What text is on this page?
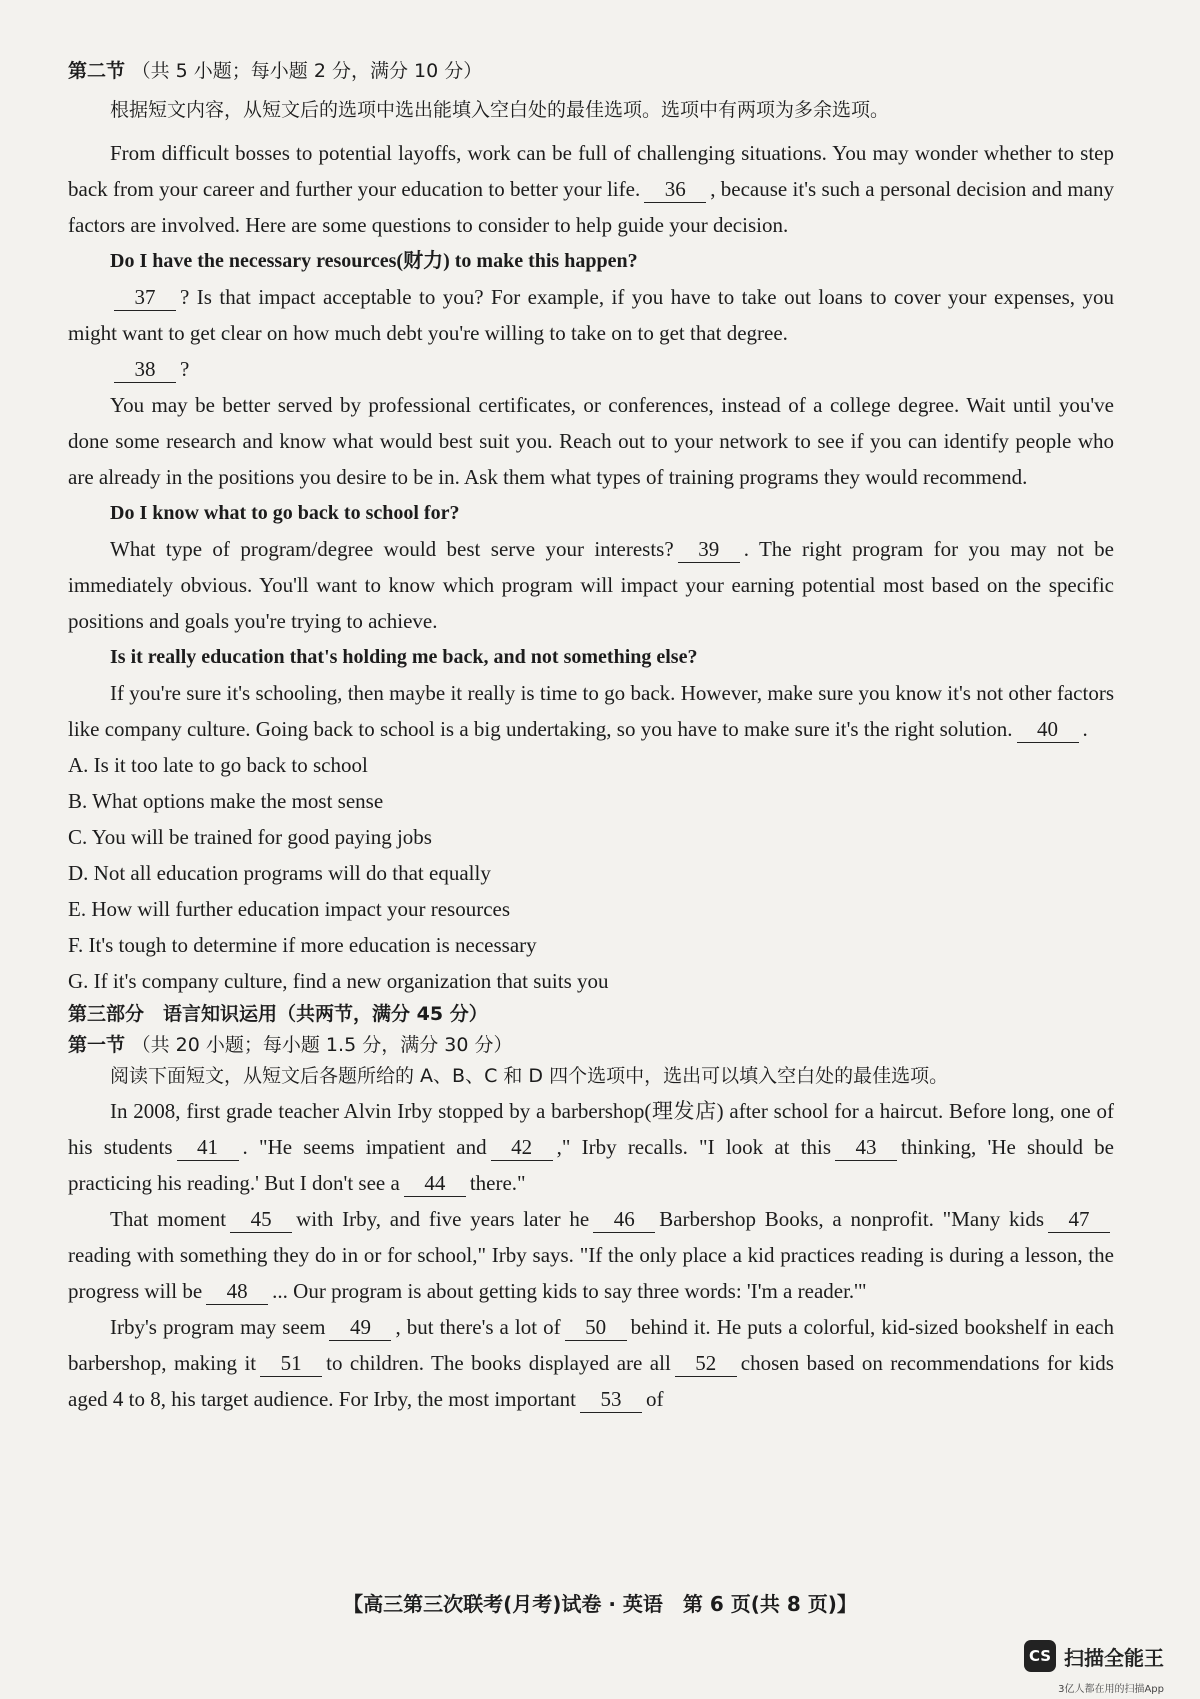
第二节 （共 5 小题；每小题 2 分，满分 10 分）
根据短文内容，从短文后的选项中选出能填入空白处的最佳选项。选项中有两项为多余选项。

From difficult bosses to potential layoffs, work can be full of challenging situations. You may wonder whether to step back from your career and further your education to better your life. 36 , because it's such a personal decision and many factors are involved. Here are some questions to consider to help guide your decision.

Do I have the necessary resources(财力) to make this happen?

37 ? Is that impact acceptable to you? For example, if you have to take out loans to cover your expenses, you might want to get clear on how much debt you're willing to take on to get that degree.

38 ?

You may be better served by professional certificates, or conferences, instead of a college degree. Wait until you've done some research and know what would best suit you. Reach out to your network to see if you can identify people who are already in the positions you desire to be in. Ask them what types of training programs they would recommend.

Do I know what to go back to school for?

What type of program/degree would best serve your interests? 39 . The right program for you may not be immediately obvious. You'll want to know which program will impact your earning potential most based on the specific positions and goals you're trying to achieve.

Is it really education that's holding me back, and not something else?

If you're sure it's schooling, then maybe it really is time to go back. However, make sure you know it's not other factors like company culture. Going back to school is a big undertaking, so you have to make sure it's the right solution. 40 .

A. Is it too late to go back to school
B. What options make the most sense
C. You will be trained for good paying jobs
D. Not all education programs will do that equally
E. How will further education impact your resources
F. It's tough to determine if more education is necessary
G. If it's company culture, find a new organization that suits you
第三部分　 语言知识运用（共两节，满分 45 分）
第一节 （共 20 小题；每小题 1.5 分，满分 30 分）
阅读下面短文，从短文后各题所给的 A、B、C 和 D 四个选项中，选出可以填入空白处的最佳选项。

In 2008, first grade teacher Alvin Irby stopped by a barbershop(理发店) after school for a haircut. Before long, one of his students 41 . "He seems impatient and 42 ," Irby recalls. "I look at this 43 thinking, 'He should be practicing his reading.' But I don't see a 44 there."

That moment 45 with Irby, and five years later he 46 Barbershop Books, a nonprofit. "Many kids 47reading with something they do in or for school," Irby says. "If the only place a kid practices reading is during a lesson, the progress will be 48 ... Our program is about getting kids to say three words: 'I'm a reader.'"

Irby's program may seem 49 , but there's a lot of 50 behind it. He puts a colorful, kid-sized bookshelf in each barbershop, making it 51 to children. The books displayed are all 52 chosen based on recommendations for kids aged 4 to 8, his target audience. For Irby, the most important 53 of

【高三第三次联考(月考)试卷 · 英语　第 6 页(共 8 页)】
CS 扫描全能王
3亿人都在用的扫描App
